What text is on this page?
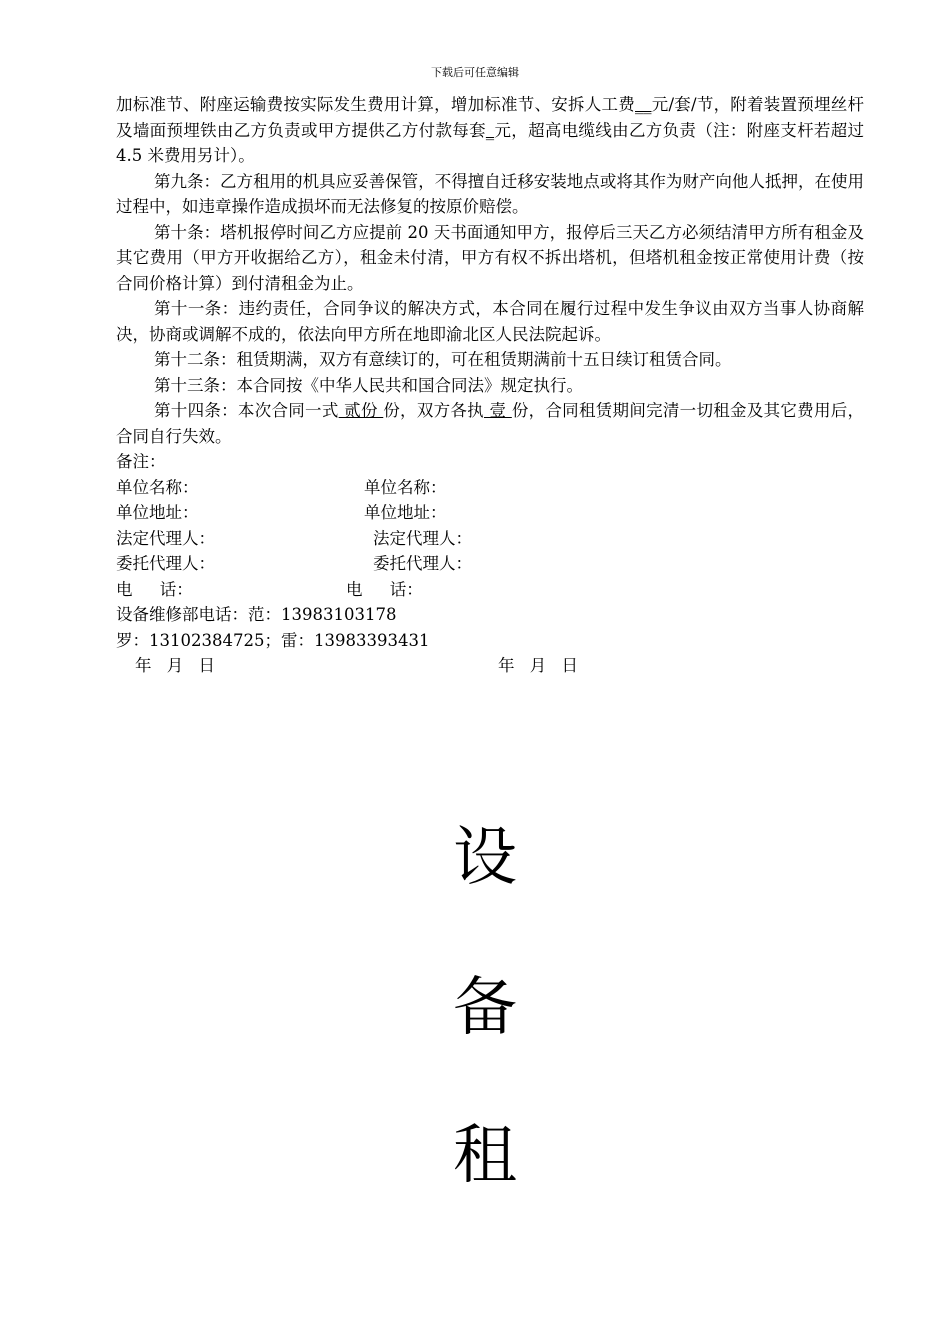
下载后可任意编辑

加标准节、附座运输费按实际发生费用计算，增加标准节、安拆人工费__元/套/节，附着装置预埋丝杆及墙面预埋铁由乙方负责或甲方提供乙方付款每套_元，超高电缆线由乙方负责（注：附座支杆若超过 4.5 米费用另计）。

第九条：乙方租用的机具应妥善保管，不得擅自迁移安装地点或将其作为财产向他人抵押，在使用过程中，如违章操作造成损坏而无法修复的按原价赔偿。

第十条：塔机报停时间乙方应提前 20 天书面通知甲方，报停后三天乙方必须结清甲方所有租金及其它费用（甲方开收据给乙方），租金未付清，甲方有权不拆出塔机，但塔机租金按正常使用计费（按合同价格计算）到付清租金为止。

第十一条：违约责任，合同争议的解决方式，本合同在履行过程中发生争议由双方当事人协商解决，协商或调解不成的，依法向甲方所在地即渝北区人民法院起诉。

第十二条：租赁期满，双方有意续订的，可在租赁期满前十五日续订租赁合同。

第十三条：本合同按《中华人民共和国合同法》规定执行。

第十四条：本次合同一式 贰份 份，双方各执 壹 份，合同租赁期间完清一切租金及其它费用后，合同自行失效。

备注：

单位名称：	单位名称：
单位地址：	单位地址：
法定代理人：	法定代理人：
委托代理人：	委托代理人：
电 话：	电 话：
设备维修部电话：范：13983103178
罗：13102384725；雷：13983393431
年 月 日	年 月 日
设
备
租
